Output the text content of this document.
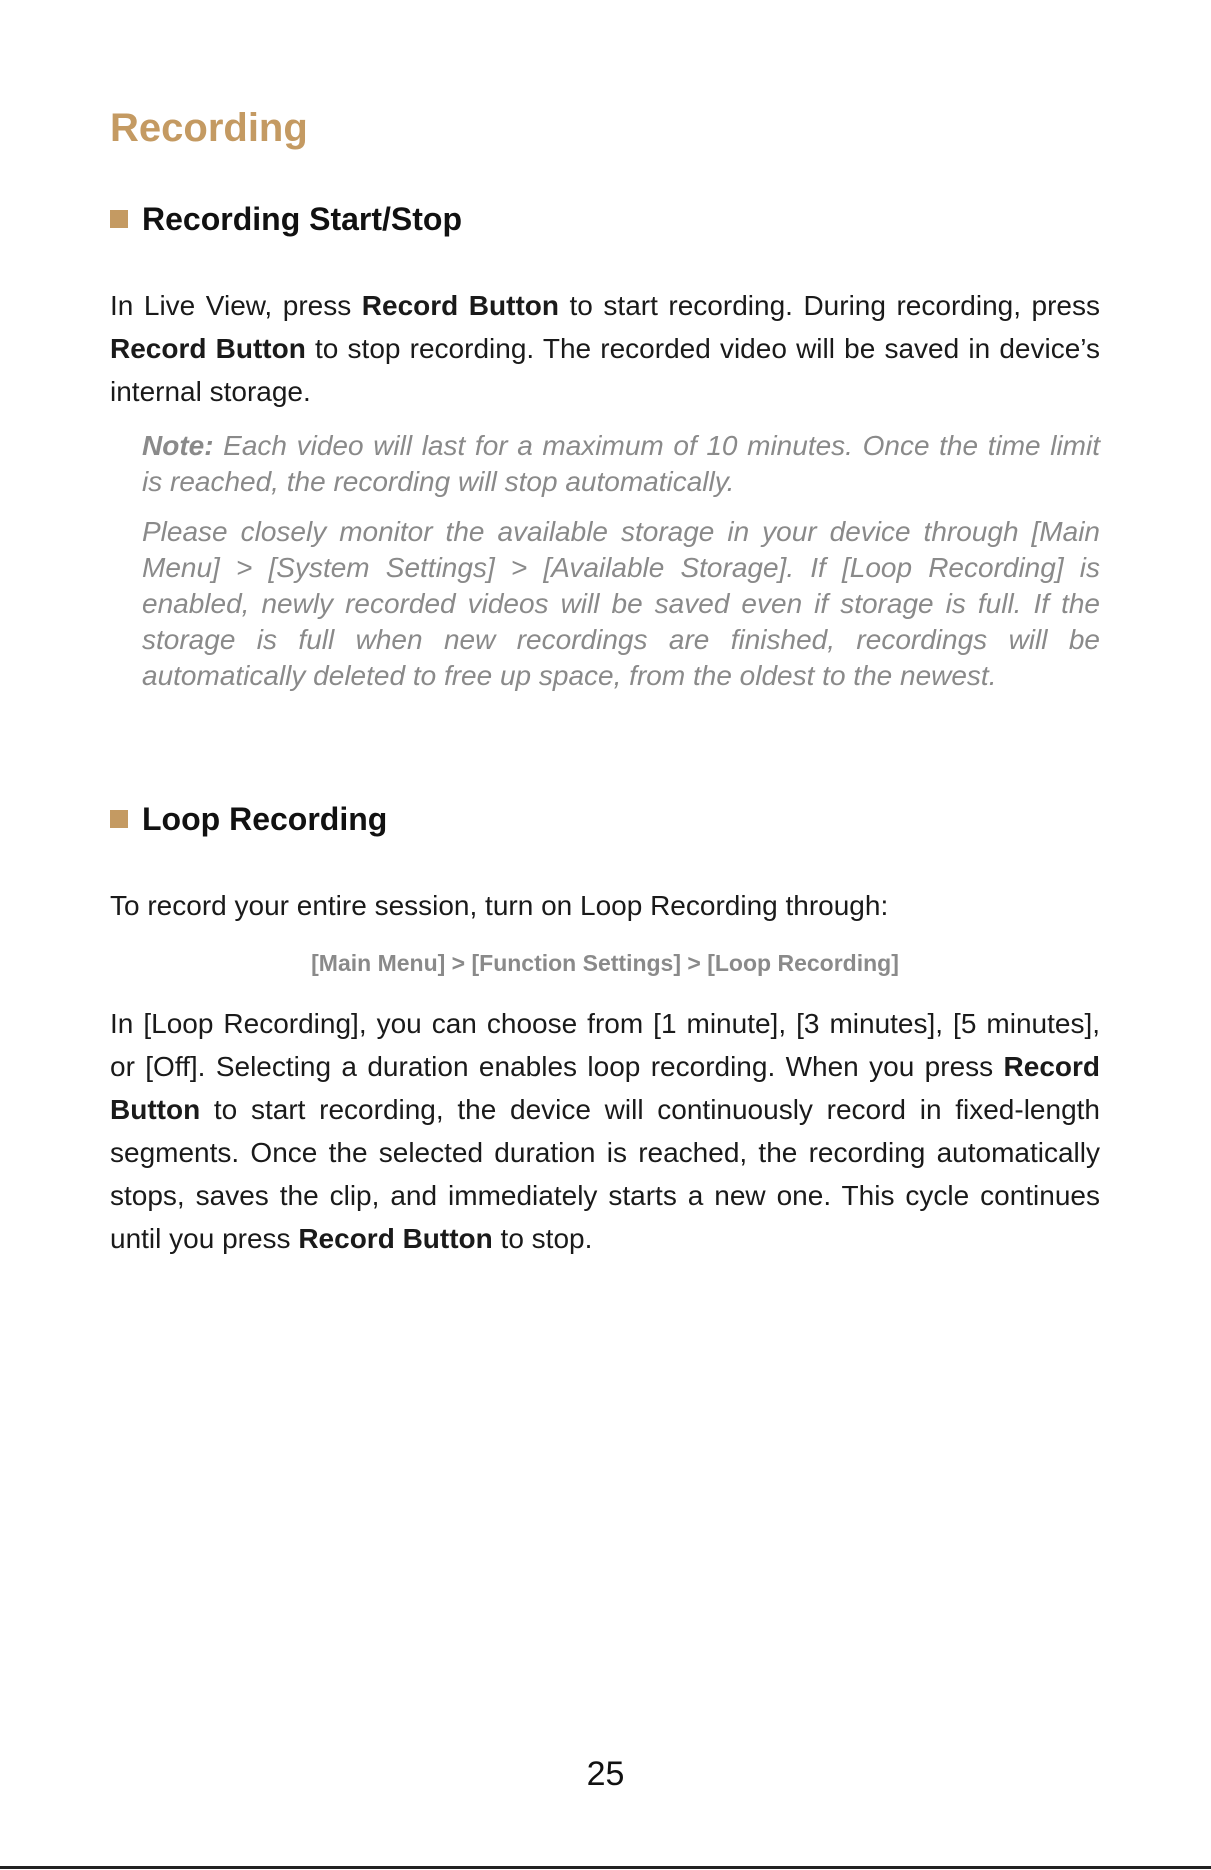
Recording
Recording Start/Stop

In Live View, press Record Button to start recording. During recording, press Record Button to stop recording. The recorded video will be saved in device’s internal storage.

Note: Each video will last for a maximum of 10 minutes. Once the time limit is reached, the recording will stop automatically.

Please closely monitor the available storage in your device through [Main Menu] > [System Settings] > [Available Storage]. If [Loop Recording] is enabled, newly recorded videos will be saved even if storage is full. If the storage is full when new recordings are finished, recordings will be automatically deleted to free up space, from the oldest to the newest.

Loop Recording

To record your entire session, turn on Loop Recording through:

[Main Menu] > [Function Settings] > [Loop Recording]

In [Loop Recording], you can choose from [1 minute], [3 minutes], [5 minutes], or [Off]. Selecting a duration enables loop recording. When you press Record Button to start recording, the device will continuously record in fixed-length segments. Once the selected duration is reached, the recording automatically stops, saves the clip, and immediately starts a new one. This cycle continues until you press Record Button to stop.

25
